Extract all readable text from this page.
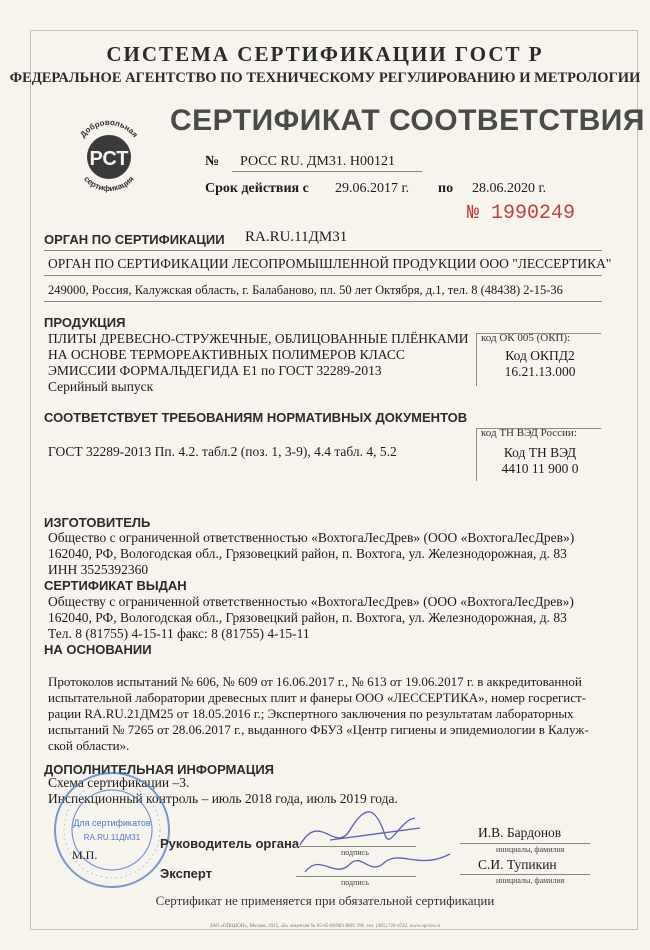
СИСТЕМА СЕРТИФИКАЦИИ ГОСТ Р
ФЕДЕРАЛЬНОЕ АГЕНТСТВО ПО ТЕХНИЧЕСКОМУ РЕГУЛИРОВАНИЮ И МЕТРОЛОГИИ
Добровольная
РСТ
сертификация
СЕРТИФИКАТ СООТВЕТСТВИЯ
№ РОСС RU. ДМ31. Н00121
Срок действия с 29.06.2017 г. по 28.06.2020 г.
№ 1990249
ОРГАН ПО СЕРТИФИКАЦИИ RA.RU.11ДМ31
ОРГАН ПО СЕРТИФИКАЦИИ ЛЕСОПРОМЫШЛЕННОЙ ПРОДУКЦИИ ООО "ЛЕССЕРТИКА"
249000, Россия, Калужская область, г. Балабаново, пл. 50 лет Октября, д.1, тел. 8 (48438) 2-15-36
ПРОДУКЦИЯ
ПЛИТЫ ДРЕВЕСНО-СТРУЖЕЧНЫЕ, ОБЛИЦОВАННЫЕ ПЛЁНКАМИ
НА ОСНОВЕ ТЕРМОРЕАКТИВНЫХ ПОЛИМЕРОВ КЛАСС
ЭМИССИИ ФОРМАЛЬДЕГИДА Е1 по ГОСТ 32289-2013
Серийный выпуск
код ОК 005 (ОКП):
Код ОКПД2
16.21.13.000
СООТВЕТСТВУЕТ ТРЕБОВАНИЯМ НОРМАТИВНЫХ ДОКУМЕНТОВ
код ТН ВЭД России:
ГОСТ 32289-2013 Пп. 4.2. табл.2 (поз. 1, 3-9), 4.4 табл. 4, 5.2	Код ТН ВЭД
4410 11 900 0
ИЗГОТОВИТЕЛЬ
Общество с ограниченной ответственностью «ВохтогаЛесДрев» (ООО «ВохтогаЛесДрев»)
162040, РФ, Вологодская обл., Грязовецкий район, п. Вохтога, ул. Железнодорожная, д. 83
ИНН 3525392360
СЕРТИФИКАТ ВЫДАН
Обществу с ограниченной ответственностью «ВохтогаЛесДрев» (ООО «ВохтогаЛесДрев»)
162040, РФ, Вологодская обл., Грязовецкий район, п. Вохтога, ул. Железнодорожная, д. 83
Тел. 8 (81755) 4-15-11 факс: 8 (81755) 4-15-11
НА ОСНОВАНИИ
Протоколов испытаний № 606, № 609 от 16.06.2017 г., № 613 от 19.06.2017 г. в аккредитованной
испытательной лаборатории древесных плит и фанеры ООО «ЛЕССЕРТИКА», номер госрегист-
рации RA.RU.21ДМ25 от 18.05.2016 г.; Экспертного заключения по результатам лабораторных
испытаний № 7265 от 28.06.2017 г., выданного ФБУЗ «Центр гигиены и эпидемиологии в Калуж-
ской области».
ДОПОЛНИТЕЛЬНАЯ ИНФОРМАЦИЯ
Схема сертификации –3.
Инспекционный контроль – июль 2018 года, июль 2019 года.
Для сертификатов
RA.RU.11ДМ31
М.П.
Руководитель органа
подпись
И.В. Бардонов
инициалы, фамилия
Эксперт
подпись
С.И. Тупикин
инициалы, фамилия
Сертификат не применяется при обязательной сертификации
ЗАО «ОПЦИОН», Москва, 2015, «Б» лицензия № 05-05-09/003 ФНС РФ, тел. (495) 726-4742, www.opcion.ru
